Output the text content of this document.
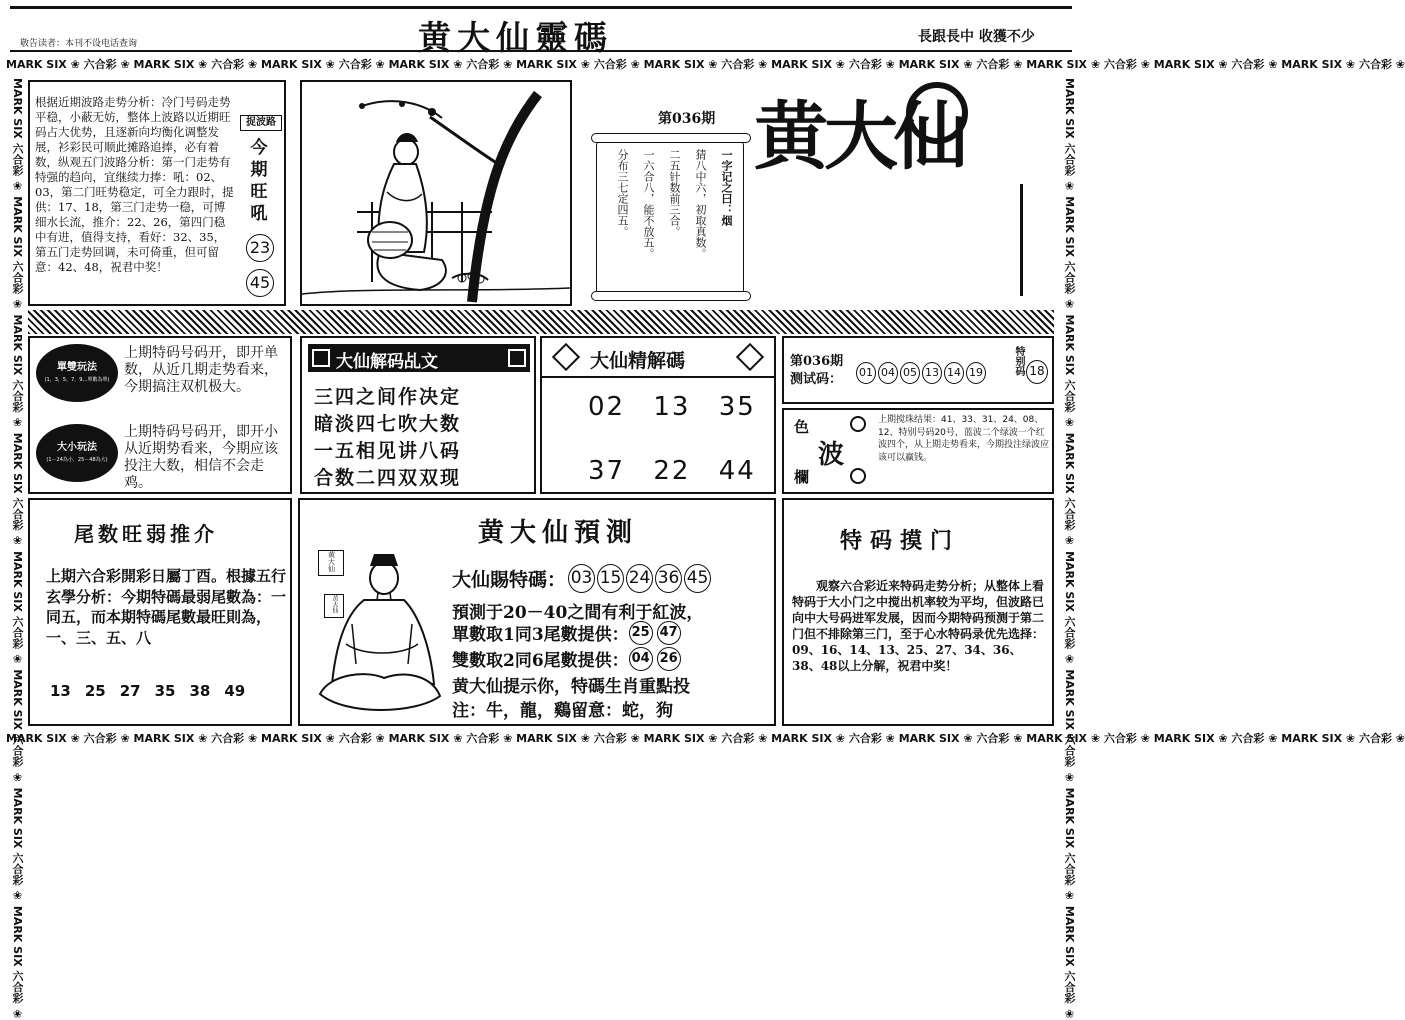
敬告读者：本刊不设电话查询	黄大仙靈碼	長跟長中 收獲不少
MARK SIX ❀ 六合彩 ❀ MARK SIX ❀ 六合彩 ❀ MARK SIX ❀ 六合彩 ❀ MARK SIX ❀ 六合彩 ❀ MARK SIX ❀ 六合彩 ❀ MARK SIX ❀ 六合彩 ❀ MARK SIX ❀ 六合彩 ❀ MARK SIX ❀ 六合彩 ❀ MARK SIX ❀ 六合彩 ❀ MARK SIX ❀ 六合彩 ❀ MARK SIX ❀ 六合彩 ❀
MARK SIX ❀ 六合彩 ❀ MARK SIX ❀ 六合彩 ❀ MARK SIX ❀ 六合彩 ❀ MARK SIX ❀ 六合彩 ❀ MARK SIX ❀ 六合彩 ❀ MARK SIX ❀ 六合彩 ❀ MARK SIX ❀ 六合彩 ❀ MARK SIX ❀ 六合彩 ❀ MARK SIX ❀ 六合彩 ❀ MARK SIX ❀ 六合彩 ❀ MARK SIX ❀ 六合彩 ❀
MARK SIX 六合彩 ❀ MARK SIX 六合彩 ❀ MARK SIX 六合彩 ❀ MARK SIX 六合彩 ❀ MARK SIX 六合彩 ❀ MARK SIX 六合彩 ❀ MARK SIX 六合彩 ❀ MARK SIX 六合彩 ❀	MARK SIX 六合彩 ❀ MARK SIX 六合彩 ❀ MARK SIX 六合彩 ❀ MARK SIX 六合彩 ❀ MARK SIX 六合彩 ❀ MARK SIX 六合彩 ❀ MARK SIX 六合彩 ❀ MARK SIX 六合彩 ❀
根据近期波路走势分析：冷门号码走势平稳，小蔽无妨，整体上波路以近期旺码占大优势，且逐新向均衡化调整发展，衫彩民可顺此摊路追捧，必有着数，纵观五门波路分析：第一门走势有特强的趋向，宜继续力捧：吼：02、03，第二门旺势稳定，可全力跟时，提供：17、18，第三门走势一稳，可博细水长流，推介：22、26，第四门稳中有进，值得支持，看好：32、35，第五门走势回调，未可倚重，但可留意：42、48，祝君中奖！
捉波路
今期旺吼
23
45
第036期
一字记之曰：烟
猜八中六，初取真数。
二五针数前三合。
一六合八，能不放五。
分布三七定四五。
黄大仙
單雙玩法
(1，3，5，7，9…單數為單)
上期特码号码开，即开单数，从近几期走势看来，今期搞注双机极大。
大小玩法
(1－24為小，25－48為大)
上期特码号码开，即开小从近期势看来，今期应该投注大数，相信不会走鸡。
大仙解码乩文
三四之间作决定
暗淡四七吹大数
一五相见讲八码
合数二四双双现
大仙精解碼
02 13 35
37 22 44
第036期
测试码： 01 04 05 13 14 19	特别码 18
色
波
欄
上期搅珠结果：41、33、31、24、08、12、特别号码20号，蓝波二个绿波一个红波四个，从上期走势看来，今期投注绿波应该可以赢钱。
尾数旺弱推介
上期六合彩開彩日屬丁酉。根據五行玄學分析：今期特碼最弱尾數為：一同五，而本期特碼尾數最旺則為，一、三、五、八
13 25 27 35 38 49
黄大仙預測
黄大仙
黄大仙
大仙賜特碼： 03 15 24 36 45
預測于20－40之間有利于紅波，
單數取1同3尾數提供： 25 47
雙數取2同6尾數提供： 04 26
黄大仙提示你，特碼生肖重點投
注：牛，龍，鷄留意：蛇，狗
特码摸门
观察六合彩近来特码走势分析；从整体上看特码于大小门之中搅出机率较为平均，但波路已向中大号码进军发展，因而今期特码预测于第二门但不排除第三门，至于心水特码录优先选择：09、16、14、13、25、27、34、36、38、48以上分解，祝君中奖！
